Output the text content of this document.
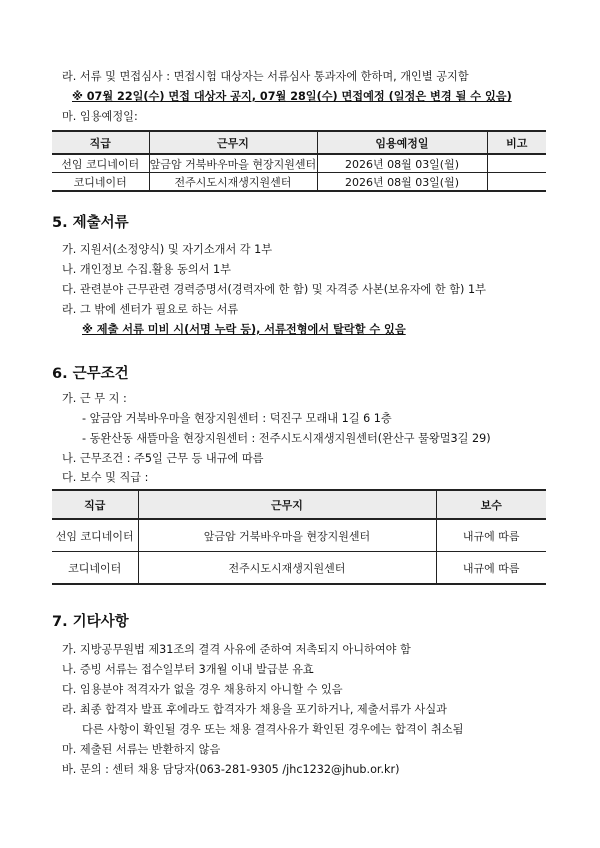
라. 서류 및 면접심사 : 면접시험 대상자는 서류심사 통과자에 한하며, 개인별 공지함
※ 07월 22일(수) 면접 대상자 공지, 07월 28일(수) 면접예정 (일정은 변경 될 수 있음)
마. 임용예정일:
직급	근무지	임용예정일	비고
선임 코디네이터	앞금암 거북바우마을 현장지원센터	2026년 08월 03일(월)	
코디네이터	전주시도시재생지원센터	2026년 08월 03일(월)	
5. 제출서류
가. 지원서(소정양식) 및 자기소개서 각 1부
나. 개인정보 수집.활용 동의서 1부
다. 관련분야 근무관련 경력증명서(경력자에 한 함) 및 자격증 사본(보유자에 한 함) 1부
라. 그 밖에 센터가 필요로 하는 서류
※ 제출 서류 미비 시(서명 누락 등), 서류전형에서 탈락할 수 있음
6. 근무조건
가. 근 무 지 :
- 앞금암 거북바우마을 현장지원센터 : 덕진구 모래내 1길 6 1층
- 동완산동 새뜰마을 현장지원센터 : 전주시도시재생지원센터(완산구 물왕멀3길 29)
나. 근무조건 : 주5일 근무 등 내규에 따름
다. 보수 및 직급 :
직급	근무지	보수
선임 코디네이터	앞금암 거북바우마을 현장지원센터	내규에 따름
코디네이터	전주시도시재생지원센터	내규에 따름
7. 기타사항
가. 지방공무원법 제31조의 결격 사유에 준하여 저촉되지 아니하여야 함
나. 증빙 서류는 접수일부터 3개월 이내 발급분 유효
다. 임용분야 적격자가 없을 경우 채용하지 아니할 수 있음
라. 최종 합격자 발표 후에라도 합격자가 채용을 포기하거나, 제출서류가 사실과
다른 사항이 확인될 경우 또는 채용 결격사유가 확인된 경우에는 합격이 취소됨
마. 제출된 서류는 반환하지 않음
바. 문의 : 센터 채용 담당자(063-281-9305 /jhc1232@jhub.or.kr)
